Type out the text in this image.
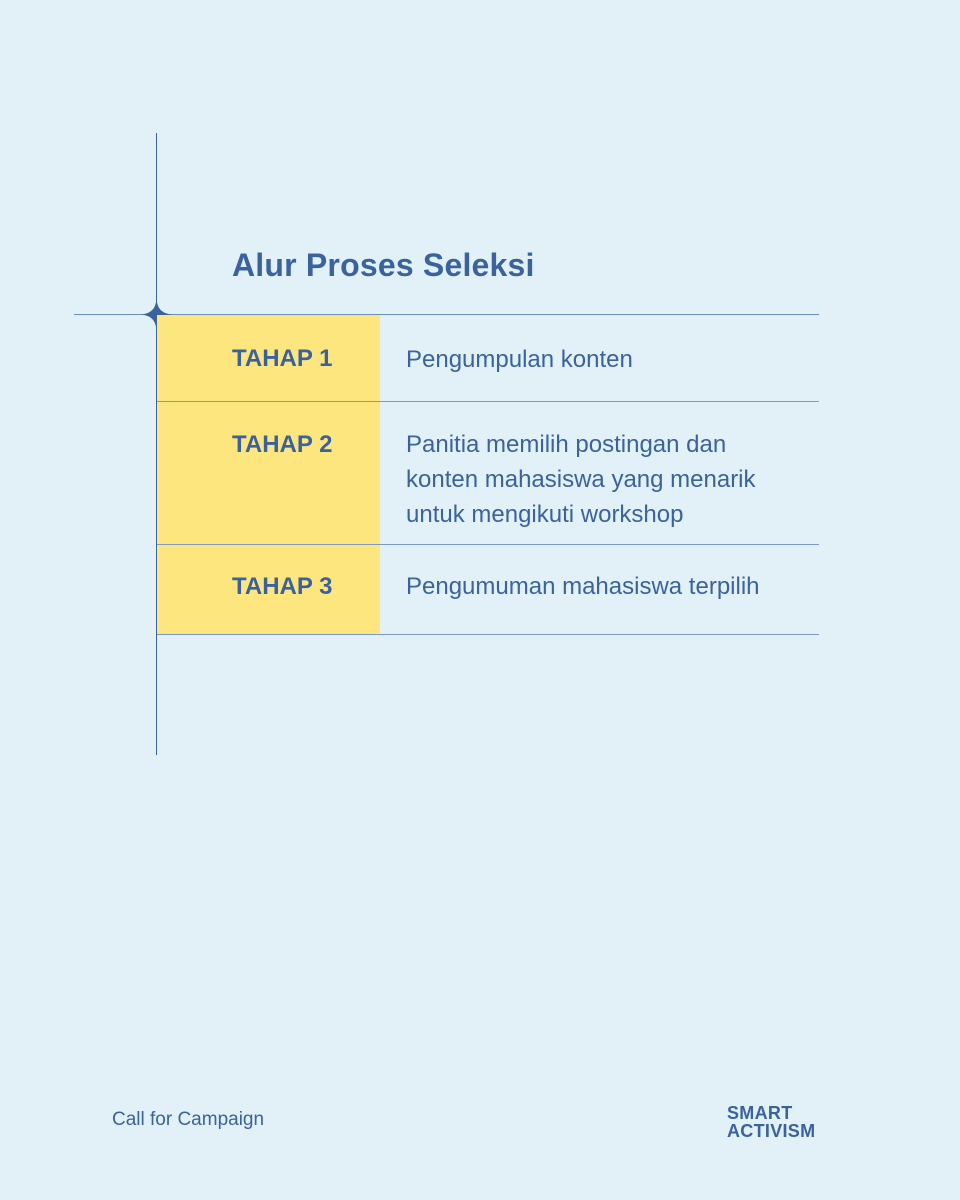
Alur Proses Seleksi
TAHAP 1	Pengumpulan konten
TAHAP 2	Panitia memilih postingan dan
konten mahasiswa yang menarik
untuk mengikuti workshop
TAHAP 3	Pengumuman mahasiswa terpilih
Call for Campaign	SMART
ACTIVISM
